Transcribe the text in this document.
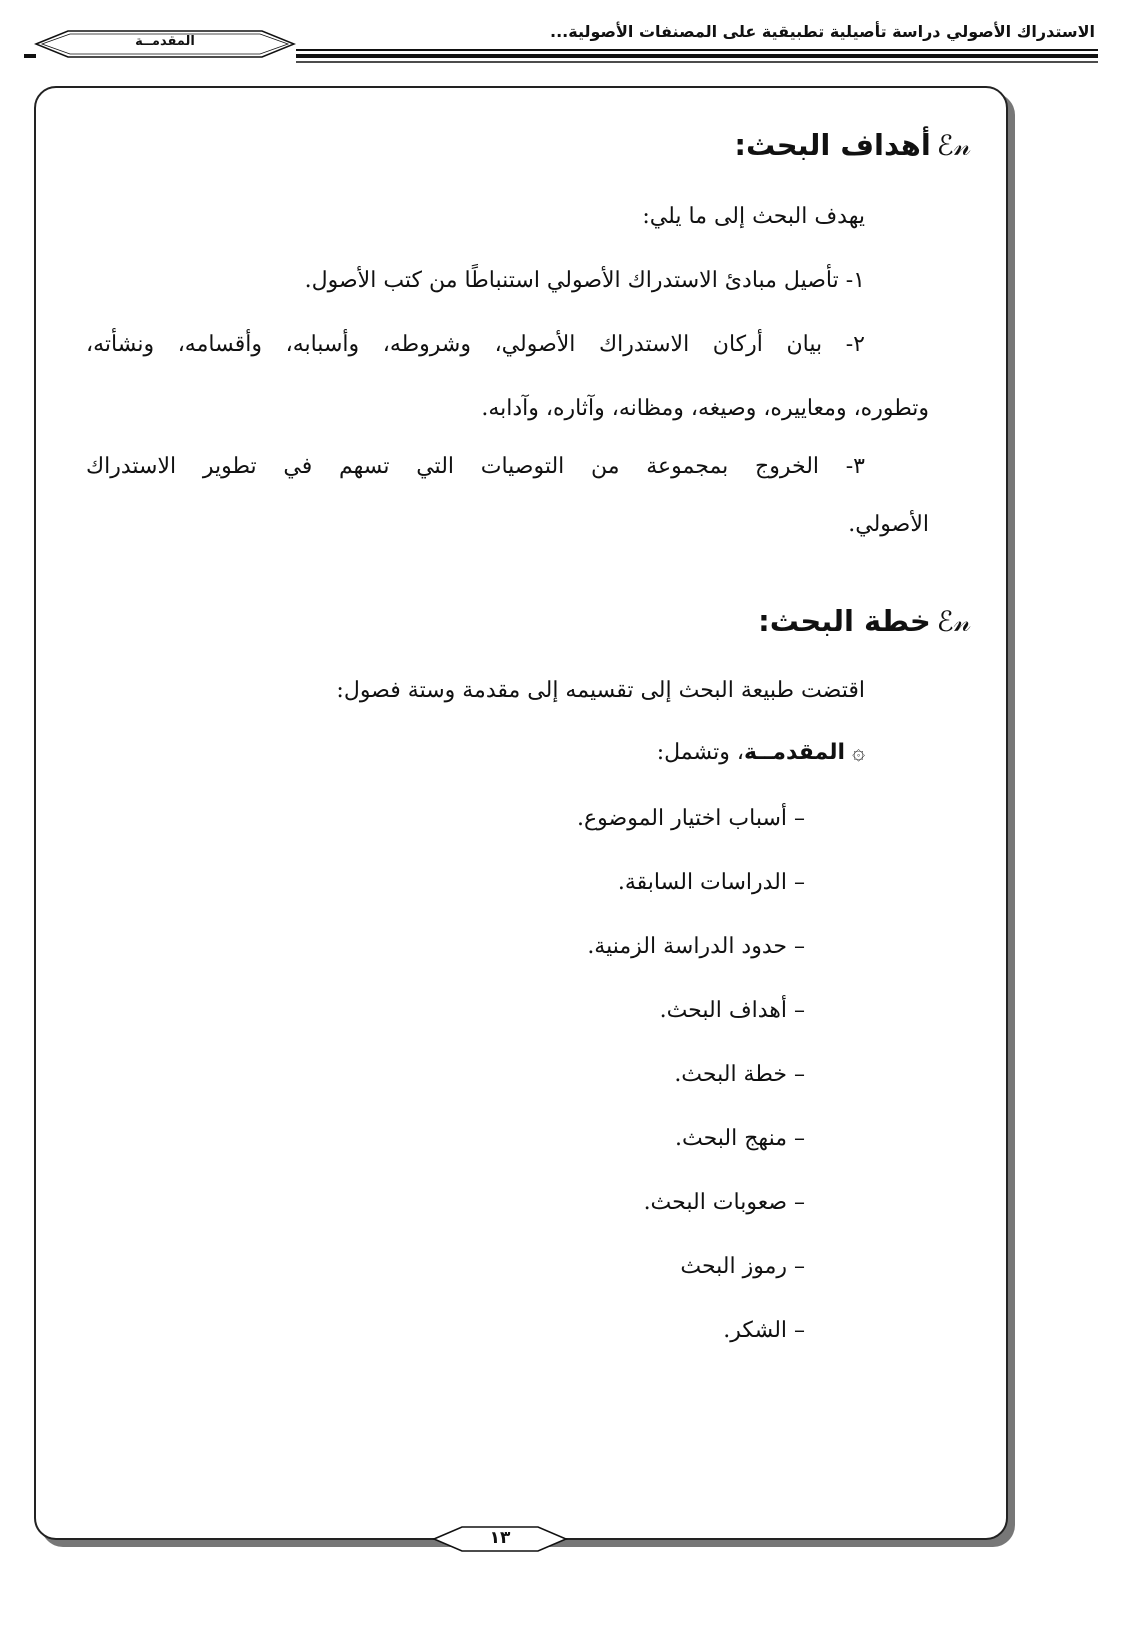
الاستدراك الأصولي دراسة تأصيلية تطبيقية على المصنفات الأصولية...
المقدمــة
ℰ𝓃أهداف البحث:
يهدف البحث إلى ما يلي:
١- تأصيل مبادئ الاستدراك الأصولي استنباطًا من كتب الأصول.
٢- بيان أركان الاستدراك الأصولي، وشروطه، وأسبابه، وأقسامه، ونشأته،
وتطوره، ومعاييره، وصيغه، ومظانه، وآثاره، وآدابه.
٣- الخروج بمجموعة من التوصيات التي تسهم في تطوير الاستدراك
الأصولي.
ℰ𝓃خطة البحث:
اقتضت طبيعة البحث إلى تقسيمه إلى مقدمة وستة فصول:
۞ المقدمــة، وتشمل:
– أسباب اختيار الموضوع.
– الدراسات السابقة.
– حدود الدراسة الزمنية.
– أهداف البحث.
– خطة البحث.
– منهج البحث.
– صعوبات البحث.
– رموز البحث
– الشكر.
١٣
